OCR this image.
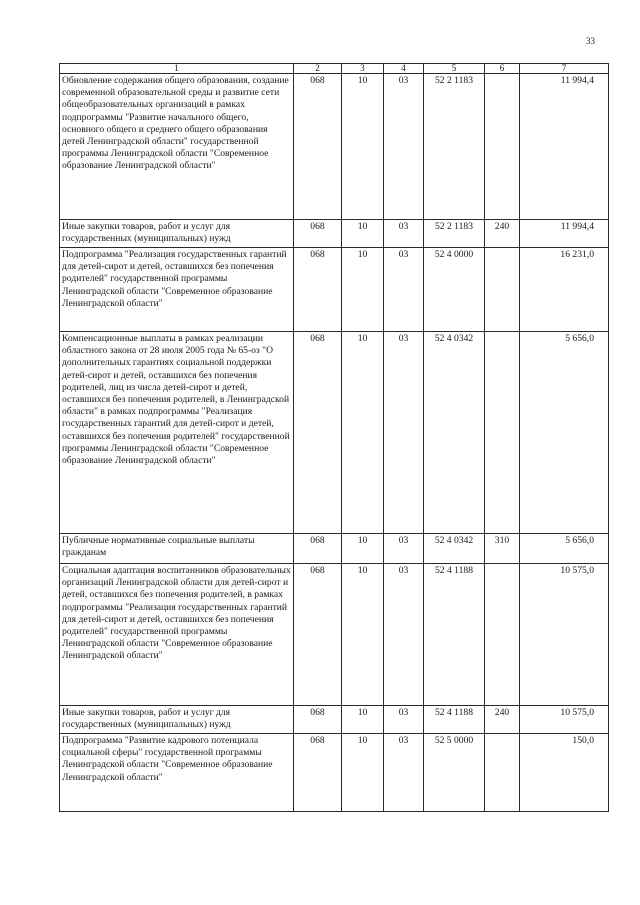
33
1	2	3	4	5	6	7
Обновление содержания общего образования, создание современной образовательной среды и развитие сети общеобразовательных организаций в рамках подпрограммы "Развитие начального общего, основного общего и среднего общего образования детей Ленинградской области" государственной программы Ленинградской области "Современное образование Ленинградской области"	068	10	03	52 2 1183		11 994,4
Иные закупки товаров, работ и услуг для государственных (муниципальных) нужд	068	10	03	52 2 1183	240	11 994,4
Подпрограмма "Реализация государственных гарантий для детей-сирот и детей, оставшихся без попечения родителей" государственной программы Ленинградской области "Современное образование Ленинградской области"	068	10	03	52 4 0000		16 231,0
Компенсационные выплаты в рамках реализации областного закона от 28 июля 2005 года № 65-оз "О дополнительных гарантиях социальной поддержки детей-сирот и детей, оставшихся без попечения родителей, лиц из числа детей-сирот и детей, оставшихся без попечения родителей, в Ленинградской области" в рамках подпрограммы "Реализация государственных гарантий для детей-сирот и детей, оставшихся без попечения родителей" государственной программы Ленинградской области "Современное образование Ленинградской области"	068	10	03	52 4 0342		5 656,0
Публичные нормативные социальные выплаты гражданам	068	10	03	52 4 0342	310	5 656,0
Социальная адаптация воспитанников образовательных организаций Ленинградской области для детей-сирот и детей, оставшихся без попечения родителей, в рамках подпрограммы "Реализация государственных гарантий для детей-сирот и детей, оставшихся без попечения родителей" государственной программы Ленинградской области "Современное образование Ленинградской области"	068	10	03	52 4 1188		10 575,0
Иные закупки товаров, работ и услуг для государственных (муниципальных) нужд	068	10	03	52 4 1188	240	10 575,0
Подпрограмма "Развитие кадрового потенциала социальной сферы" государственной программы Ленинградской области "Современное образование Ленинградской области"	068	10	03	52 5 0000		150,0
